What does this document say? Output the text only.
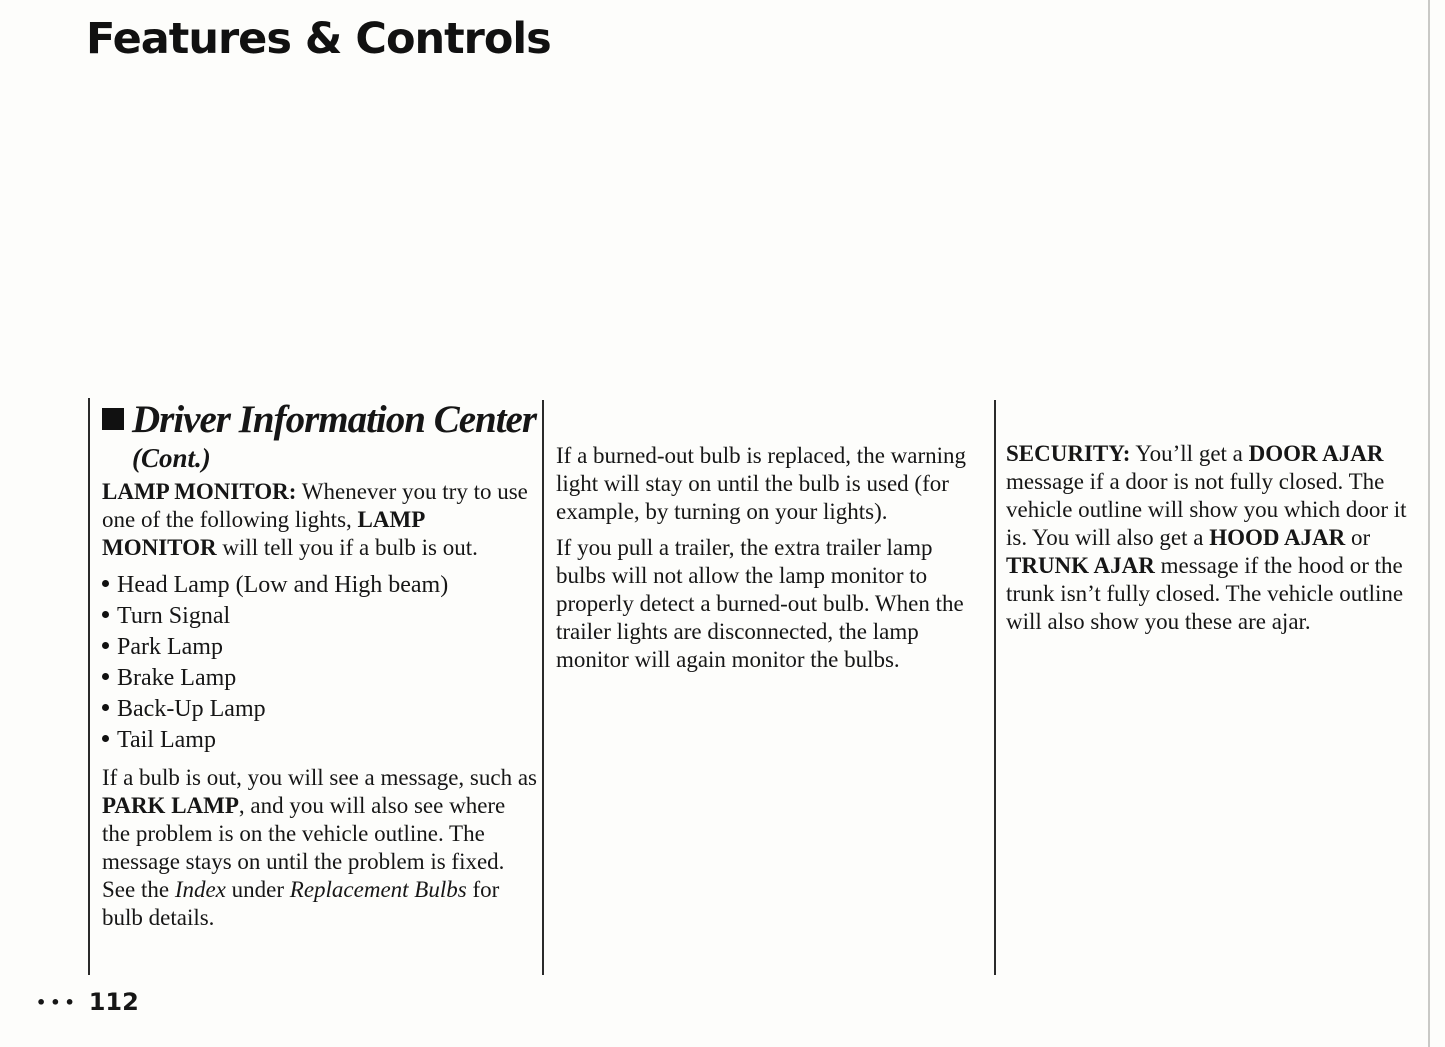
Features & Controls
Driver Information Center
(Cont.)

LAMP MONITOR: Whenever you try to use one of the following lights, LAMP MONITOR will tell you if a bulb is out.

Head Lamp (Low and High beam)
Turn Signal
Park Lamp
Brake Lamp
Back-Up Lamp
Tail Lamp

If a bulb is out, you will see a message, such as PARK LAMP, and you will also see where the problem is on the vehicle outline. The message stays on until the problem is fixed. See the Index under Replacement Bulbs for bulb details.

If a burned-out bulb is replaced, the warning light will stay on until the bulb is used (for example, by turning on your lights).

If you pull a trailer, the extra trailer lamp bulbs will not allow the lamp monitor to properly detect a burned-out bulb. When the trailer lights are disconnected, the lamp monitor will again monitor the bulbs.

SECURITY: You’ll get a DOOR AJAR message if a door is not fully closed. The vehicle outline will show you which door it is. You will also get a HOOD AJAR or TRUNK AJAR message if the hood or the trunk isn’t fully closed. The vehicle outline will also show you these are ajar.

••• 112
